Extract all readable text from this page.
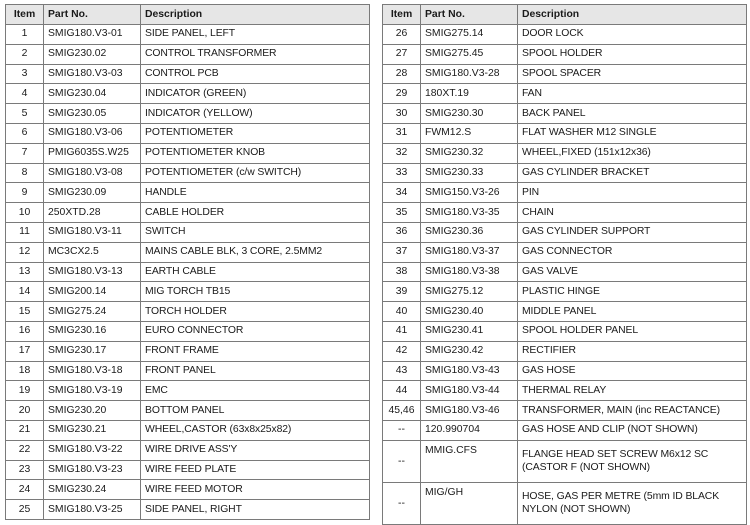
Item	Part No.	Description
1	SMIG180.V3-01	SIDE PANEL, LEFT
2	SMIG230.02	CONTROL TRANSFORMER
3	SMIG180.V3-03	CONTROL PCB
4	SMIG230.04	INDICATOR (GREEN)
5	SMIG230.05	INDICATOR (YELLOW)
6	SMIG180.V3-06	POTENTIOMETER
7	PMIG6035S.W25	POTENTIOMETER KNOB
8	SMIG180.V3-08	POTENTIOMETER (c/w SWITCH)
9	SMIG230.09	HANDLE
10	250XTD.28	CABLE HOLDER
11	SMIG180.V3-11	SWITCH
12	MC3CX2.5	MAINS CABLE BLK, 3 CORE, 2.5MM2
13	SMIG180.V3-13	EARTH CABLE
14	SMIG200.14	MIG TORCH TB15
15	SMIG275.24	TORCH HOLDER
16	SMIG230.16	EURO CONNECTOR
17	SMIG230.17	FRONT FRAME
18	SMIG180.V3-18	FRONT PANEL
19	SMIG180.V3-19	EMC
20	SMIG230.20	BOTTOM PANEL
21	SMIG230.21	WHEEL,CASTOR (63x8x25x82)
22	SMIG180.V3-22	WIRE DRIVE ASS'Y
23	SMIG180.V3-23	WIRE FEED PLATE
24	SMIG230.24	WIRE FEED MOTOR
25	SMIG180.V3-25	SIDE PANEL, RIGHT
Item	Part No.	Description
26	SMIG275.14	DOOR LOCK
27	SMIG275.45	SPOOL HOLDER
28	SMIG180.V3-28	SPOOL SPACER
29	180XT.19	FAN
30	SMIG230.30	BACK PANEL
31	FWM12.S	FLAT WASHER M12 SINGLE
32	SMIG230.32	WHEEL,FIXED (151x12x36)
33	SMIG230.33	GAS CYLINDER BRACKET
34	SMIG150.V3-26	PIN
35	SMIG180.V3-35	CHAIN
36	SMIG230.36	GAS CYLINDER SUPPORT
37	SMIG180.V3-37	GAS CONNECTOR
38	SMIG180.V3-38	GAS VALVE
39	SMIG275.12	PLASTIC HINGE
40	SMIG230.40	MIDDLE PANEL
41	SMIG230.41	SPOOL HOLDER PANEL
42	SMIG230.42	RECTIFIER
43	SMIG180.V3-43	GAS HOSE
44	SMIG180.V3-44	THERMAL RELAY
45,46	SMIG180.V3-46	TRANSFORMER, MAIN (inc REACTANCE)
--	120.990704	GAS HOSE AND CLIP (NOT SHOWN)
--	MMIG.CFS	FLANGE HEAD SET SCREW M6x12 SC (CASTOR F (NOT SHOWN)
--	MIG/GH	HOSE, GAS PER METRE (5mm ID BLACK NYLON (NOT SHOWN)
